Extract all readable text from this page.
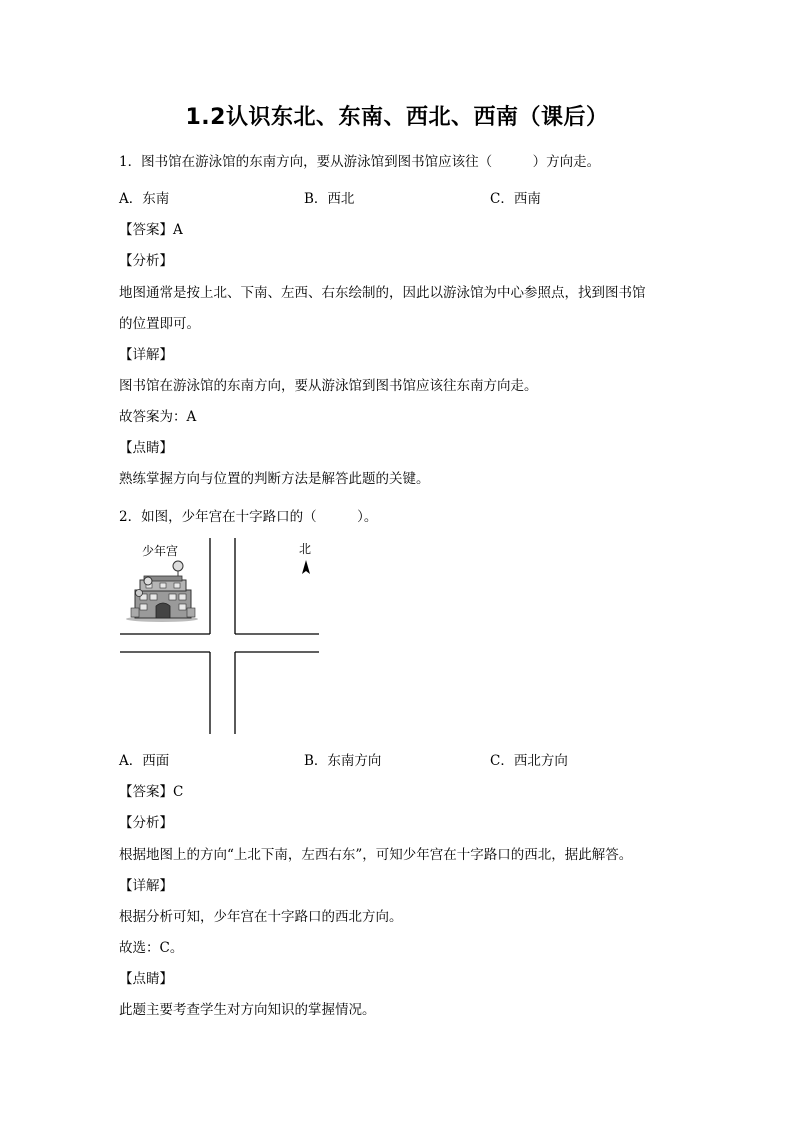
1.2认识东北、东南、西北、西南（课后）
1．图书馆在游泳馆的东南方向，要从游泳馆到图书馆应该往（　　　）方向走。
A．东南	B．西北	C．西南
【答案】A
【分析】
地图通常是按上北、下南、左西、右东绘制的，因此以游泳馆为中心参照点，找到图书馆
的位置即可。
【详解】
图书馆在游泳馆的东南方向，要从游泳馆到图书馆应该往东南方向走。
故答案为：A
【点睛】
熟练掌握方向与位置的判断方法是解答此题的关键。
2．如图，少年宫在十字路口的（　　　）。
少年宫	北
A．西面	B．东南方向	C．西北方向
【答案】C
【分析】
根据地图上的方向“上北下南，左西右东”，可知少年宫在十字路口的西北，据此解答。
【详解】
根据分析可知，少年宫在十字路口的西北方向。
故选：C。
【点睛】
此题主要考查学生对方向知识的掌握情况。
